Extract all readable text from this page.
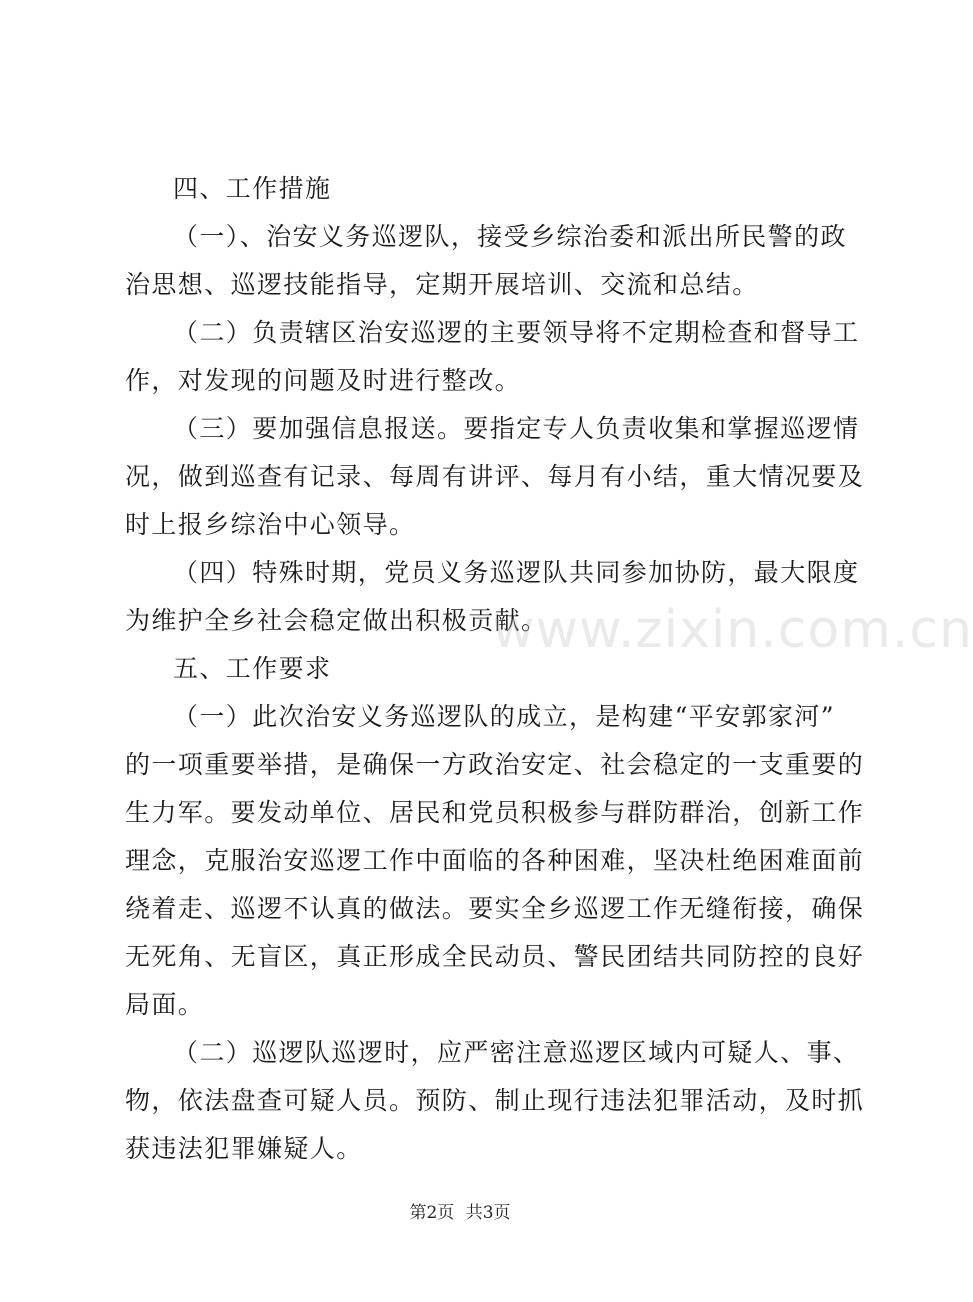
四、工作措施
（一）、治安义务巡逻队，接受乡综治委和派出所民警的政
治思想、巡逻技能指导，定期开展培训、交流和总结。
（二）负责辖区治安巡逻的主要领导将不定期检查和督导工
作，对发现的问题及时进行整改。
（三）要加强信息报送。要指定专人负责收集和掌握巡逻情
况，做到巡查有记录、每周有讲评、每月有小结，重大情况要及
时上报乡综治中心领导。
（四）特殊时期，党员义务巡逻队共同参加协防，最大限度
为维护全乡社会稳定做出积极贡献。
五、工作要求
（一）此次治安义务巡逻队的成立，是构建“平安郭家河”
的一项重要举措，是确保一方政治安定、社会稳定的一支重要的
生力军。要发动单位、居民和党员积极参与群防群治，创新工作
理念，克服治安巡逻工作中面临的各种困难，坚决杜绝困难面前
绕着走、巡逻不认真的做法。要实全乡巡逻工作无缝衔接，确保
无死角、无盲区，真正形成全民动员、警民团结共同防控的良好
局面。
（二）巡逻队巡逻时，应严密注意巡逻区域内可疑人、事、
物，依法盘查可疑人员。预防、制止现行违法犯罪活动，及时抓
获违法犯罪嫌疑人。
www.zixin.com.cn
第2页 共3页
